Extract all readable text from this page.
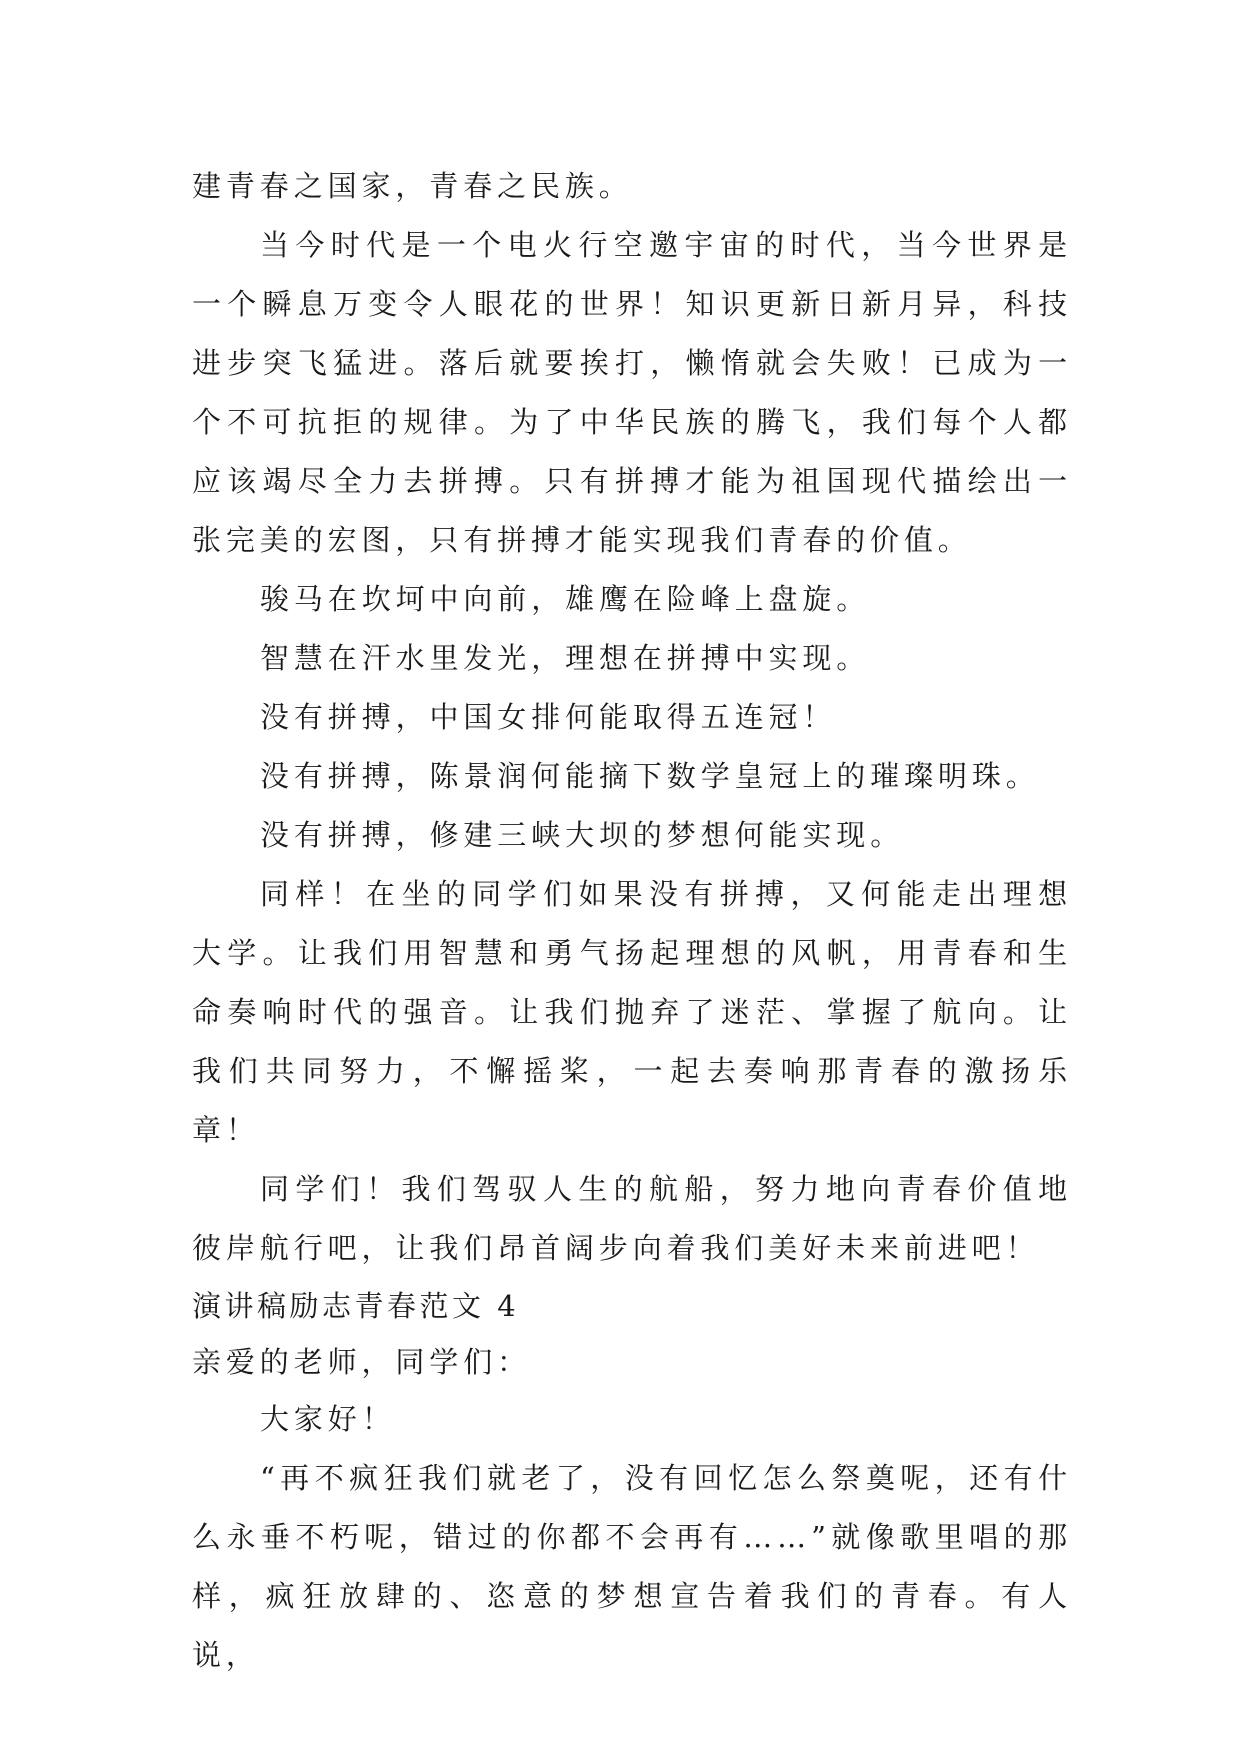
建青春之国家，青春之民族。

当今时代是一个电火行空邀宇宙的时代，当今世界是一个瞬息万变令人眼花的世界！知识更新日新月异，科技进步突飞猛进。落后就要挨打，懒惰就会失败！已成为一个不可抗拒的规律。为了中华民族的腾飞，我们每个人都应该竭尽全力去拼搏。只有拼搏才能为祖国现代描绘出一张完美的宏图，只有拼搏才能实现我们青春的价值。

骏马在坎坷中向前，雄鹰在险峰上盘旋。

智慧在汗水里发光，理想在拼搏中实现。

没有拼搏，中国女排何能取得五连冠！

没有拼搏，陈景润何能摘下数学皇冠上的璀璨明珠。

没有拼搏，修建三峡大坝的梦想何能实现。

同样！在坐的同学们如果没有拼搏，又何能走出理想大学。让我们用智慧和勇气扬起理想的风帆，用青春和生命奏响时代的强音。让我们抛弃了迷茫、掌握了航向。让我们共同努力，不懈摇桨，一起去奏响那青春的激扬乐章！

同学们！我们驾驭人生的航船，努力地向青春价值地彼岸航行吧，让我们昂首阔步向着我们美好未来前进吧！

演讲稿励志青春范文 4

亲爱的老师，同学们：

大家好！

“再不疯狂我们就老了，没有回忆怎么祭奠呢，还有什么永垂不朽呢，错过的你都不会再有……”就像歌里唱的那样，疯狂放肆的、恣意的梦想宣告着我们的青春。有人说，
